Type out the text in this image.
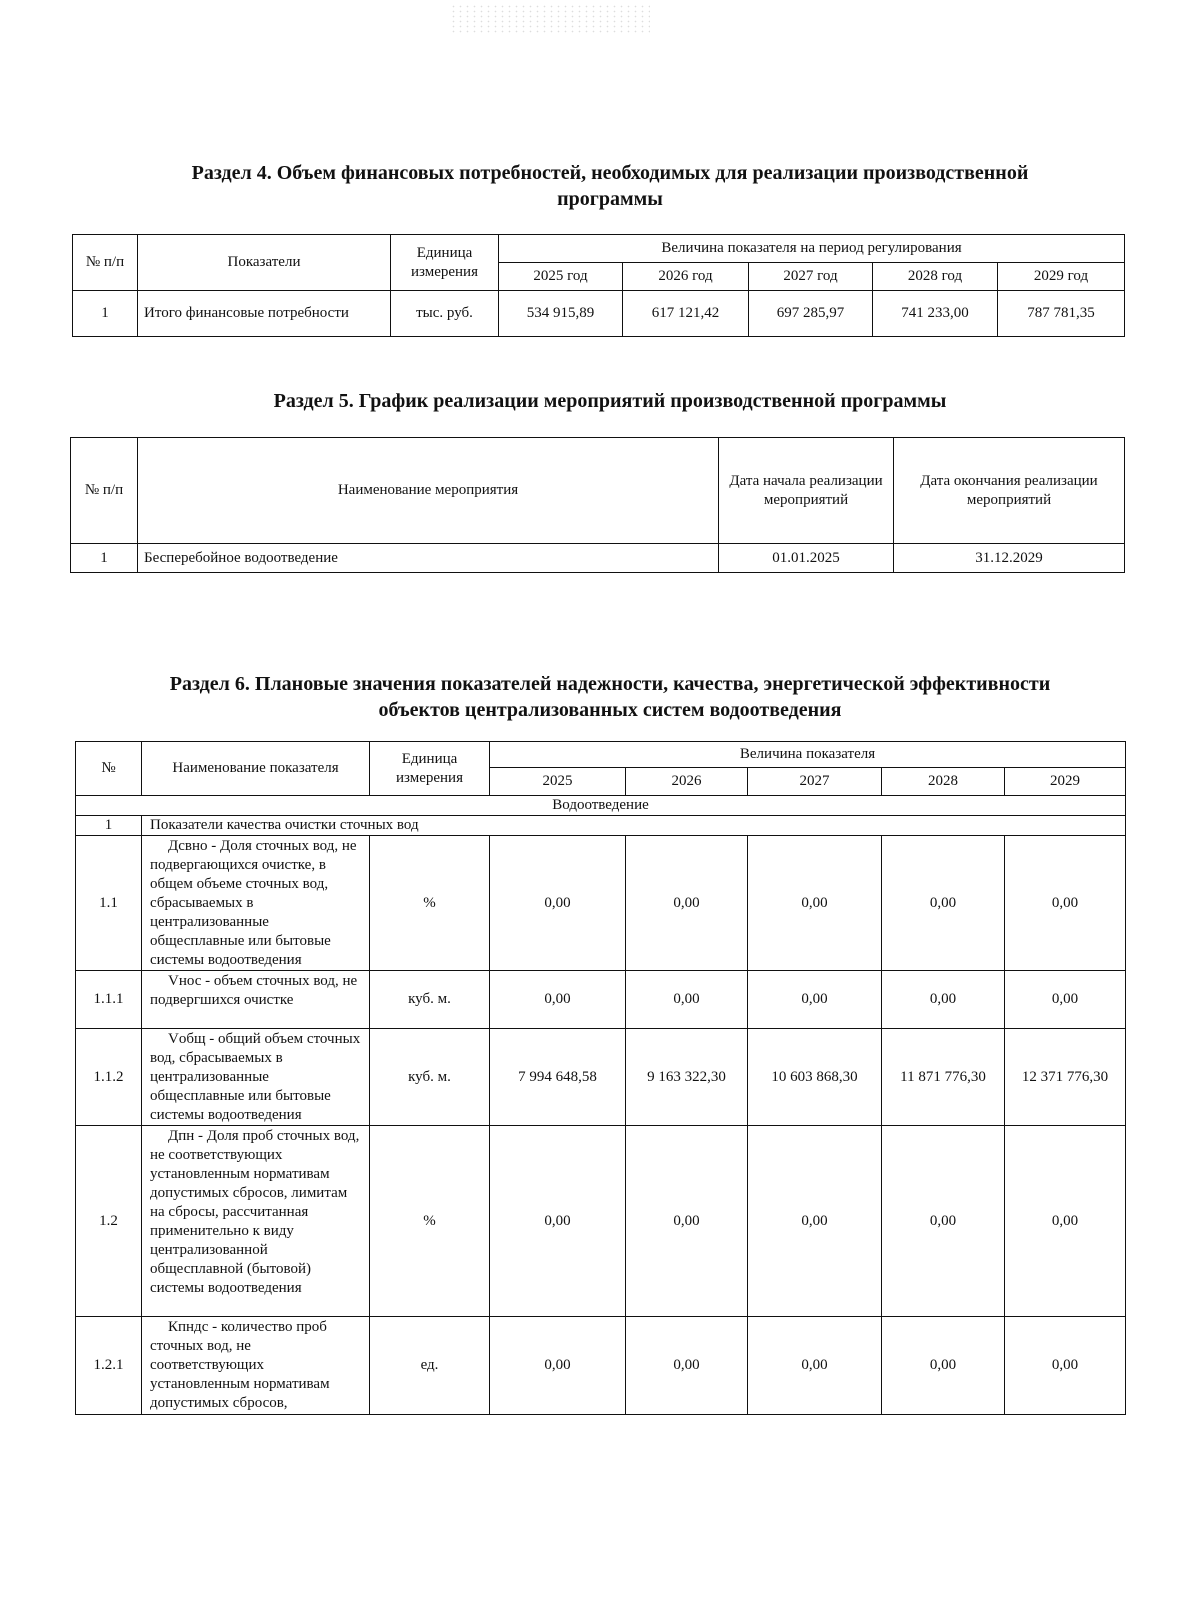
Раздел 4. Объем финансовых потребностей, необходимых для реализации производственной
программы
№ п/п	Показатели	Единица измерения	Величина показателя на период регулирования				
			2025 год	2026 год	2027 год	2028 год	2029 год
1	Итого финансовые потребности	тыс. руб.	534 915,89	617 121,42	697 285,97	741 233,00	787 781,35
Раздел 5. График реализации мероприятий производственной программы
№ п/п	Наименование мероприятия	Дата начала реализации мероприятий	Дата окончания реализации мероприятий
1	Бесперебойное водоотведение	01.01.2025	31.12.2029
Раздел 6. Плановые значения показателей надежности, качества, энергетической эффективности
объектов централизованных систем водоотведения
№	Наименование показателя	Единица измерения	Величина показателя				
			2025	2026	2027	2028	2029
Водоотведение							
1	Показатели качества очистки сточных вод						
1.1	Дсвно - Доля сточных вод, не подвергающихся очистке, в общем объеме сточных вод, сбрасываемых в централизованные общесплавные или бытовые системы водоотведения	%	0,00	0,00	0,00	0,00	0,00
1.1.1	Vнос - объем сточных вод, не подвергшихся очистке	куб. м.	0,00	0,00	0,00	0,00	0,00
1.1.2	Vобщ - общий объем сточных вод, сбрасываемых в централизованные общесплавные или бытовые системы водоотведения	куб. м.	7 994 648,58	9 163 322,30	10 603 868,30	11 871 776,30	12 371 776,30
1.2	Дпн - Доля проб сточных вод, не соответствующих установленным нормативам допустимых сбросов, лимитам на сбросы, рассчитанная применительно к виду централизованной общесплавной (бытовой) системы водоотведения	%	0,00	0,00	0,00	0,00	0,00
1.2.1	Кпндс - количество проб сточных вод, не соответствующих установленным нормативам допустимых сбросов,	ед.	0,00	0,00	0,00	0,00	0,00
